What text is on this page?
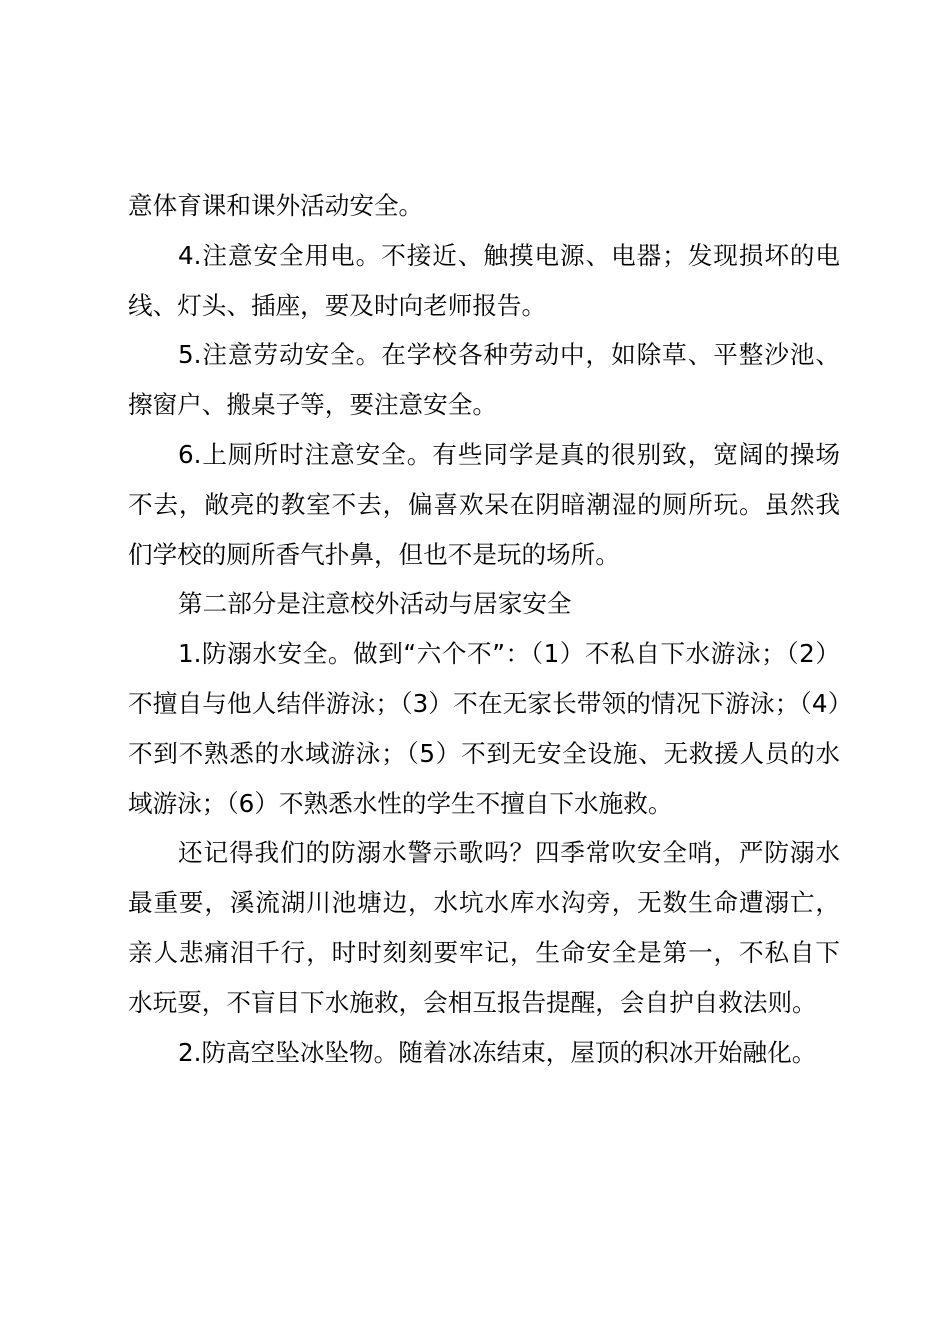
意体育课和课外活动安全。

4.注意安全用电。不接近、触摸电源、电器；发现损坏的电线、灯头、插座，要及时向老师报告。

5.注意劳动安全。在学校各种劳动中，如除草、平整沙池、擦窗户、搬桌子等，要注意安全。

6.上厕所时注意安全。有些同学是真的很别致，宽阔的操场不去，敞亮的教室不去，偏喜欢呆在阴暗潮湿的厕所玩。虽然我们学校的厕所香气扑鼻，但也不是玩的场所。

第二部分是注意校外活动与居家安全

1.防溺水安全。做到“六个不”：（1）不私自下水游泳；（2）不擅自与他人结伴游泳；（3）不在无家长带领的情况下游泳；（4）不到不熟悉的水域游泳；（5）不到无安全设施、无救援人员的水域游泳；（6）不熟悉水性的学生不擅自下水施救。

还记得我们的防溺水警示歌吗？四季常吹安全哨，严防溺水最重要，溪流湖川池塘边，水坑水库水沟旁，无数生命遭溺亡，亲人悲痛泪千行，时时刻刻要牢记，生命安全是第一，不私自下水玩耍，不盲目下水施救，会相互报告提醒，会自护自救法则。

2.防高空坠冰坠物。随着冰冻结束，屋顶的积冰开始融化。
